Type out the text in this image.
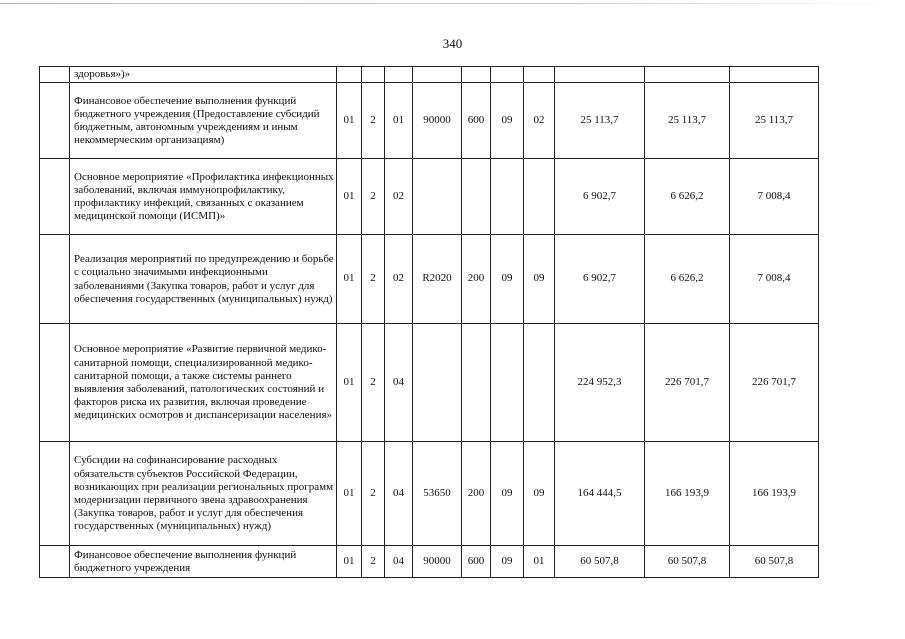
340
	здоровья»)»										
	Финансовое обеспечение выполнения функций бюджетного учреждения (Предоставление субсидий бюджетным, автономным учреждениям и иным некоммерческим организациям)	01	2	01	90000	600	09	02	25 113,7	25 113,7	25 113,7
	Основное мероприятие «Профилактика инфекционных заболеваний, включая иммунопрофилактику, профилактику инфекций, связанных с оказанием медицинской помощи (ИСМП)»	01	2	02					6 902,7	6 626,2	7 008,4
	Реализация мероприятий по предупреждению и борьбе с социально значимыми инфекционными заболеваниями (Закупка товаров, работ и услуг для обеспечения государственных (муниципальных) нужд)	01	2	02	R2020	200	09	09	6 902,7	6 626,2	7 008,4
	Основное мероприятие «Развитие первичной медико-санитарной помощи, специализированной медико-санитарной помощи, а также системы раннего выявления заболеваний, патологических состояний и факторов риска их развития, включая проведение медицинских осмотров и диспансеризации населения»	01	2	04					224 952,3	226 701,7	226 701,7
	Субсидии на софинансирование расходных обязательств субъектов Российской Федерации, возникающих при реализации региональных программ модернизации первичного звена здравоохранения (Закупка товаров, работ и услуг для обеспечения государственных (муниципальных) нужд)	01	2	04	53650	200	09	09	164 444,5	166 193,9	166 193,9
	Финансовое обеспечение выполнения функций бюджетного учреждения	01	2	04	90000	600	09	01	60 507,8	60 507,8	60 507,8
